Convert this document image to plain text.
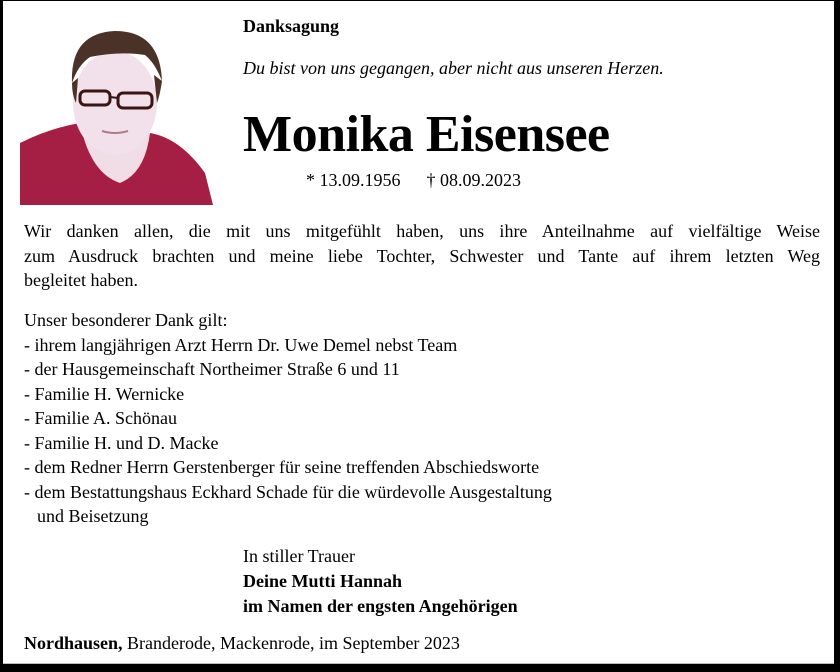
Danksagung
Du bist von uns gegangen, aber nicht aus unseren Herzen.
Monika Eisensee
* 13.09.1956 † 08.09.2023
Wir danken allen, die mit uns mitgefühlt haben, uns ihre Anteilnahme auf vielfältige Weise
zum Ausdruck brachten und meine liebe Tochter, Schwester und Tante auf ihrem letzten Weg
begleitet haben.
Unser besonderer Dank gilt:
- ihrem langjährigen Arzt Herrn Dr. Uwe Demel nebst Team
- der Hausgemeinschaft Northeimer Straße 6 und 11
- Familie H. Wernicke
- Familie A. Schönau
- Familie H. und D. Macke
- dem Redner Herrn Gerstenberger für seine treffenden Abschiedsworte
- dem Bestattungshaus Eckhard Schade für die würdevolle Ausgestaltung
und Beisetzung
In stiller Trauer
Deine Mutti Hannah
im Namen der engsten Angehörigen
Nordhausen, Branderode, Mackenrode, im September 2023
